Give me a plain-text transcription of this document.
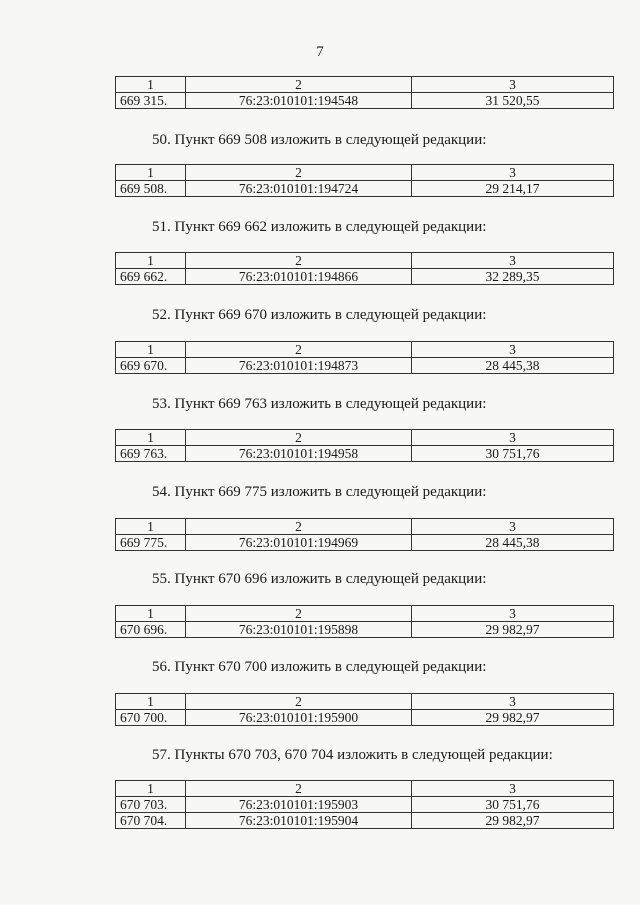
7
1	2	3
669 315.	76:23:010101:194548	31 520,55
50. Пункт 669 508 изложить в следующей редакции:
1	2	3
669 508.	76:23:010101:194724	29 214,17
51. Пункт 669 662 изложить в следующей редакции:
1	2	3
669 662.	76:23:010101:194866	32 289,35
52. Пункт 669 670 изложить в следующей редакции:
1	2	3
669 670.	76:23:010101:194873	28 445,38
53. Пункт 669 763 изложить в следующей редакции:
1	2	3
669 763.	76:23:010101:194958	30 751,76
54. Пункт 669 775 изложить в следующей редакции:
1	2	3
669 775.	76:23:010101:194969	28 445,38
55. Пункт 670 696 изложить в следующей редакции:
1	2	3
670 696.	76:23:010101:195898	29 982,97
56. Пункт 670 700 изложить в следующей редакции:
1	2	3
670 700.	76:23:010101:195900	29 982,97
57. Пункты 670 703, 670 704 изложить в следующей редакции:
1	2	3
670 703.	76:23:010101:195903	30 751,76
670 704.	76:23:010101:195904	29 982,97
